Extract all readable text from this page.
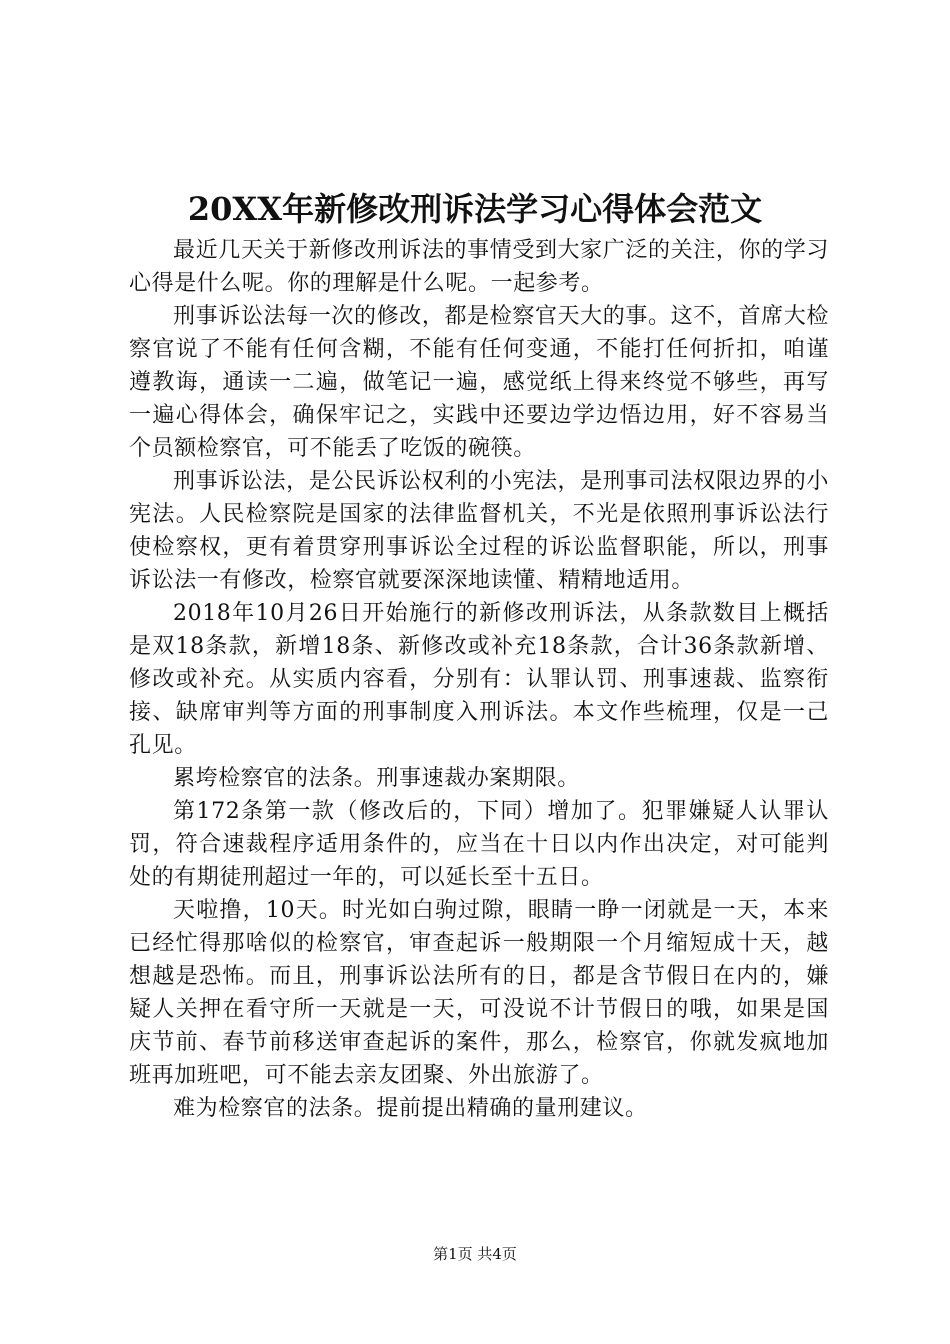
20XX年新修改刑诉法学习心得体会范文

最近几天关于新修改刑诉法的事情受到大家广泛的关注，你的学习心得是什么呢。你的理解是什么呢。一起参考。

刑事诉讼法每一次的修改，都是检察官天大的事。这不，首席大检察官说了不能有任何含糊，不能有任何变通，不能打任何折扣，咱谨遵教诲，通读一二遍，做笔记一遍，感觉纸上得来终觉不够些，再写一遍心得体会，确保牢记之，实践中还要边学边悟边用，好不容易当个员额检察官，可不能丢了吃饭的碗筷。

刑事诉讼法，是公民诉讼权利的小宪法，是刑事司法权限边界的小宪法。人民检察院是国家的法律监督机关，不光是依照刑事诉讼法行使检察权，更有着贯穿刑事诉讼全过程的诉讼监督职能，所以，刑事诉讼法一有修改，检察官就要深深地读懂、精精地适用。

2018年10月26日开始施行的新修改刑诉法，从条款数目上概括是双18条款，新增18条、新修改或补充18条款，合计36条款新增、修改或补充。从实质内容看，分别有：认罪认罚、刑事速裁、监察衔接、缺席审判等方面的刑事制度入刑诉法。本文作些梳理，仅是一己孔见。

累垮检察官的法条。刑事速裁办案期限。

第172条第一款（修改后的，下同）增加了。犯罪嫌疑人认罪认罚，符合速裁程序适用条件的，应当在十日以内作出决定，对可能判处的有期徒刑超过一年的，可以延长至十五日。

天啦撸，10天。时光如白驹过隙，眼睛一睁一闭就是一天，本来已经忙得那啥似的检察官，审查起诉一般期限一个月缩短成十天，越想越是恐怖。而且，刑事诉讼法所有的日，都是含节假日在内的，嫌疑人关押在看守所一天就是一天，可没说不计节假日的哦，如果是国庆节前、春节前移送审查起诉的案件，那么，检察官，你就发疯地加班再加班吧，可不能去亲友团聚、外出旅游了。

难为检察官的法条。提前提出精确的量刑建议。

第1页 共4页
